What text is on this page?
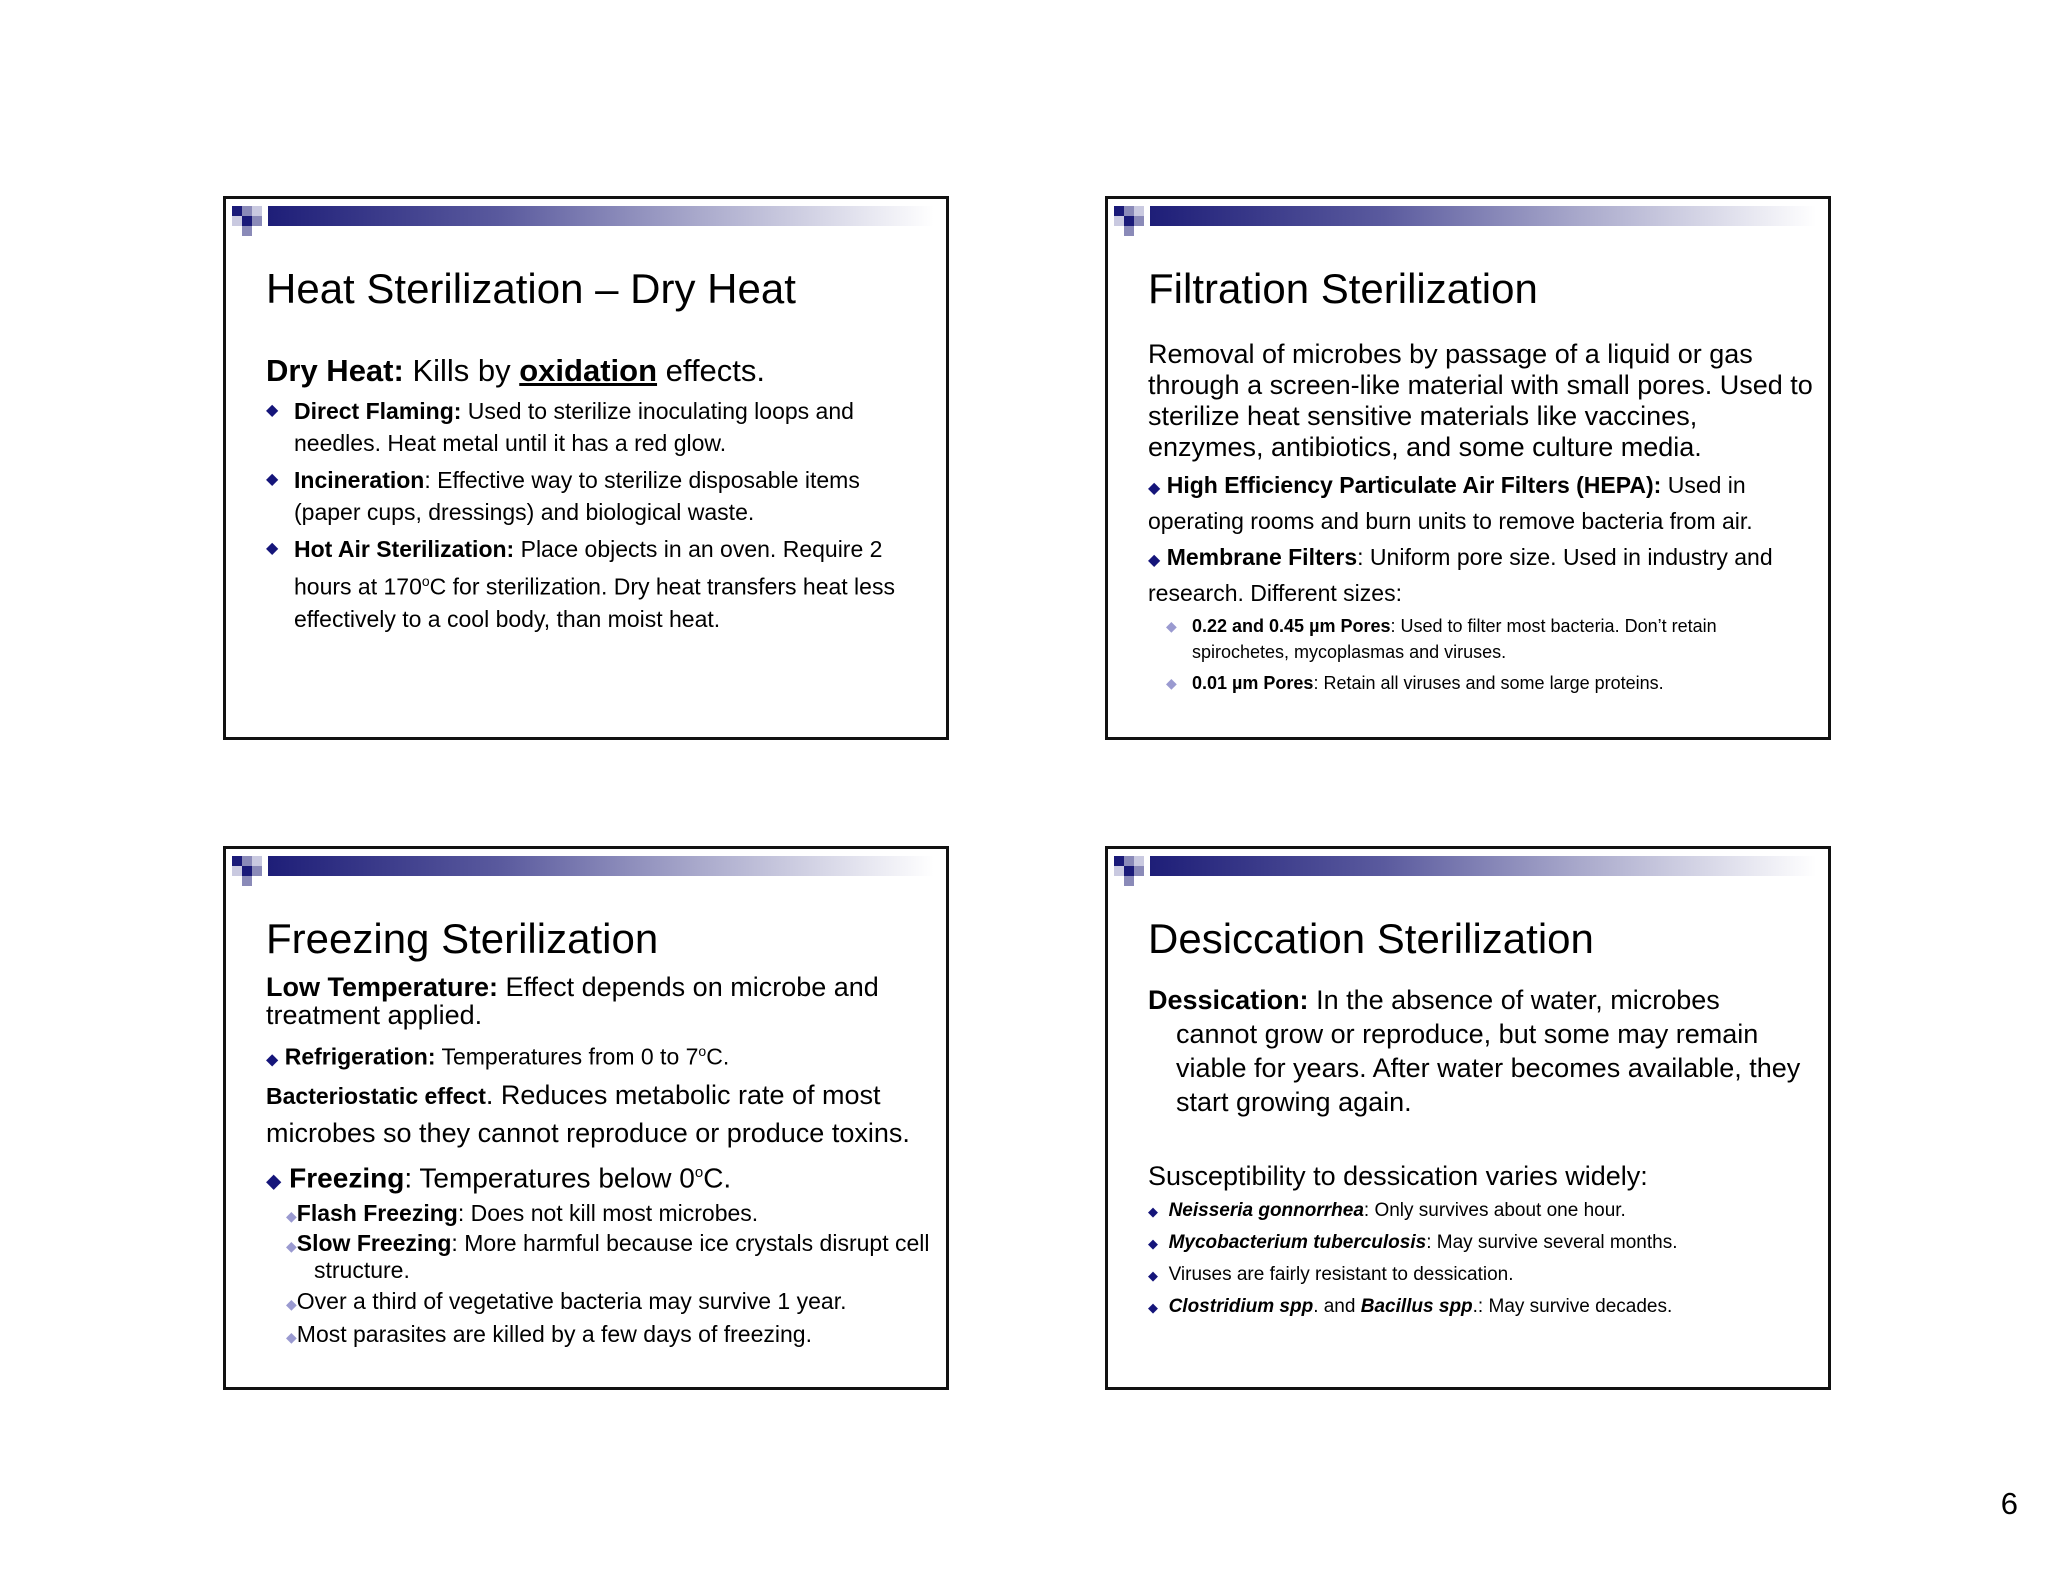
Heat Sterilization – Dry Heat

Dry Heat: Kills by oxidation effects.

◆ Direct Flaming: Used to sterilize inoculating loops and needles. Heat metal until it has a red glow.

◆ Incineration: Effective way to sterilize disposable items (paper cups, dressings) and biological waste.

◆ Hot Air Sterilization: Place objects in an oven. Require 2 hours at 170$^o$C for sterilization. Dry heat transfers heat less effectively to a cool body, than moist heat.

Filtration Sterilization

Removal of microbes by passage of a liquid or gas through a screen-like material with small pores. Used to sterilize heat sensitive materials like vaccines, enzymes, antibiotics, and some culture media.

◆ High Efficiency Particulate Air Filters (HEPA): Used in operating rooms and burn units to remove bacteria from air.

◆ Membrane Filters: Uniform pore size. Used in industry and research. Different sizes:

◆ 0.22 and 0.45 µm Pores: Used to filter most bacteria. Don’t retain spirochetes, mycoplasmas and viruses.

◆ 0.01 µm Pores: Retain all viruses and some large proteins.

Freezing Sterilization

Low Temperature: Effect depends on microbe and treatment applied.

◆ Refrigeration: Temperatures from 0 to 7$^o$C.

Bacteriostatic effect. Reduces metabolic rate of most microbes so they cannot reproduce or produce toxins.

◆ Freezing: Temperatures below 0$^o$C.

◆Flash Freezing: Does not kill most microbes.

◆Slow Freezing: More harmful because ice crystals disrupt cell structure.

◆Over a third of vegetative bacteria may survive 1 year.

◆Most parasites are killed by a few days of freezing.

Desiccation Sterilization

Dessication: In the absence of water, microbes cannot grow or reproduce, but some may remain viable for years. After water becomes available, they start growing again.

Susceptibility to dessication varies widely:

◆ Neisseria gonnorrhea: Only survives about one hour.

◆ Mycobacterium tuberculosis: May survive several months.

◆ Viruses are fairly resistant to dessication.

◆ Clostridium spp. and Bacillus spp.: May survive decades.

6
